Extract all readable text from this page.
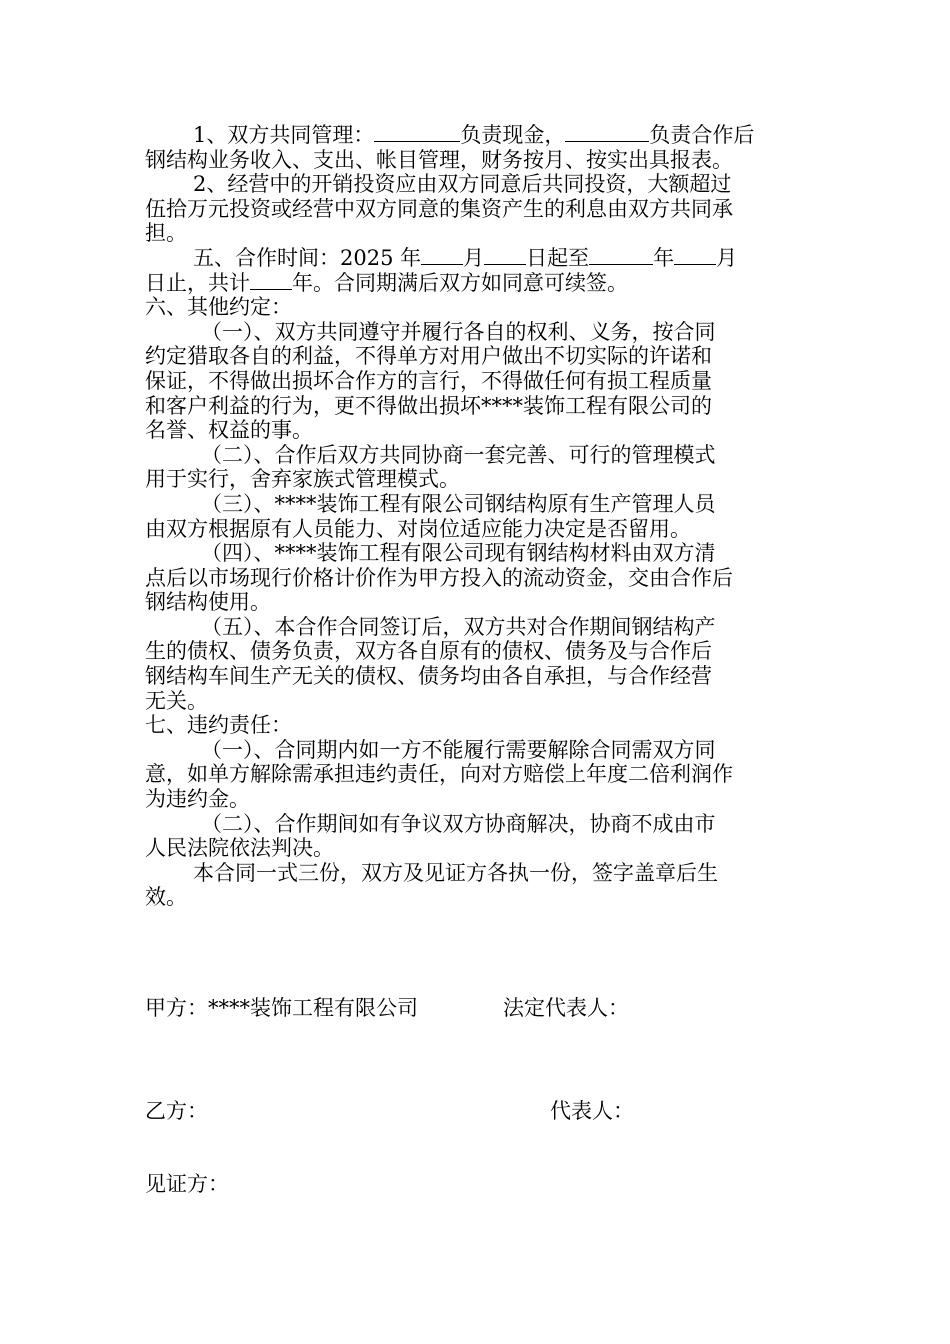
1、双方共同管理：	负责现金，	负责合作后

钢结构业务收入、支出、帐目管理，财务按月、按实出具报表。

2、经营中的开销投资应由双方同意后共同投资，大额超过

伍拾万元投资或经营中双方同意的集资产生的利息由双方共同承

担。

五、合作时间：2025 年 月 日起至	年 月

日止，共计 年。合同期满后双方如同意可续签。

六、其他约定：

（一）、双方共同遵守并履行各自的权利、义务，按合同

约定猎取各自的利益，不得单方对用户做出不切实际的许诺和

保证，不得做出损坏合作方的言行，不得做任何有损工程质量

和客户利益的行为，更不得做出损坏****装饰工程有限公司的

名誉、权益的事。

（二）、合作后双方共同协商一套完善、可行的管理模式

用于实行，舍弃家族式管理模式。

（三）、****装饰工程有限公司钢结构原有生产管理人员

由双方根据原有人员能力、对岗位适应能力决定是否留用。

（四）、****装饰工程有限公司现有钢结构材料由双方清

点后以市场现行价格计价作为甲方投入的流动资金，交由合作后

钢结构使用。

（五）、本合作合同签订后，双方共对合作期间钢结构产

生的债权、债务负责，双方各自原有的债权、债务及与合作后

钢结构车间生产无关的债权、债务均由各自承担，与合作经营

无关。

七、违约责任：

（一）、合同期内如一方不能履行需要解除合同需双方同

意，如单方解除需承担违约责任，向对方赔偿上年度二倍利润作

为违约金。

（二）、合作期间如有争议双方协商解决，协商不成由市

人民法院依法判决。

本合同一式三份，双方及见证方各执一份，签字盖章后生

效。

甲方：****装饰工程有限公司	法定代表人：
乙方：	代表人：
见证方：
